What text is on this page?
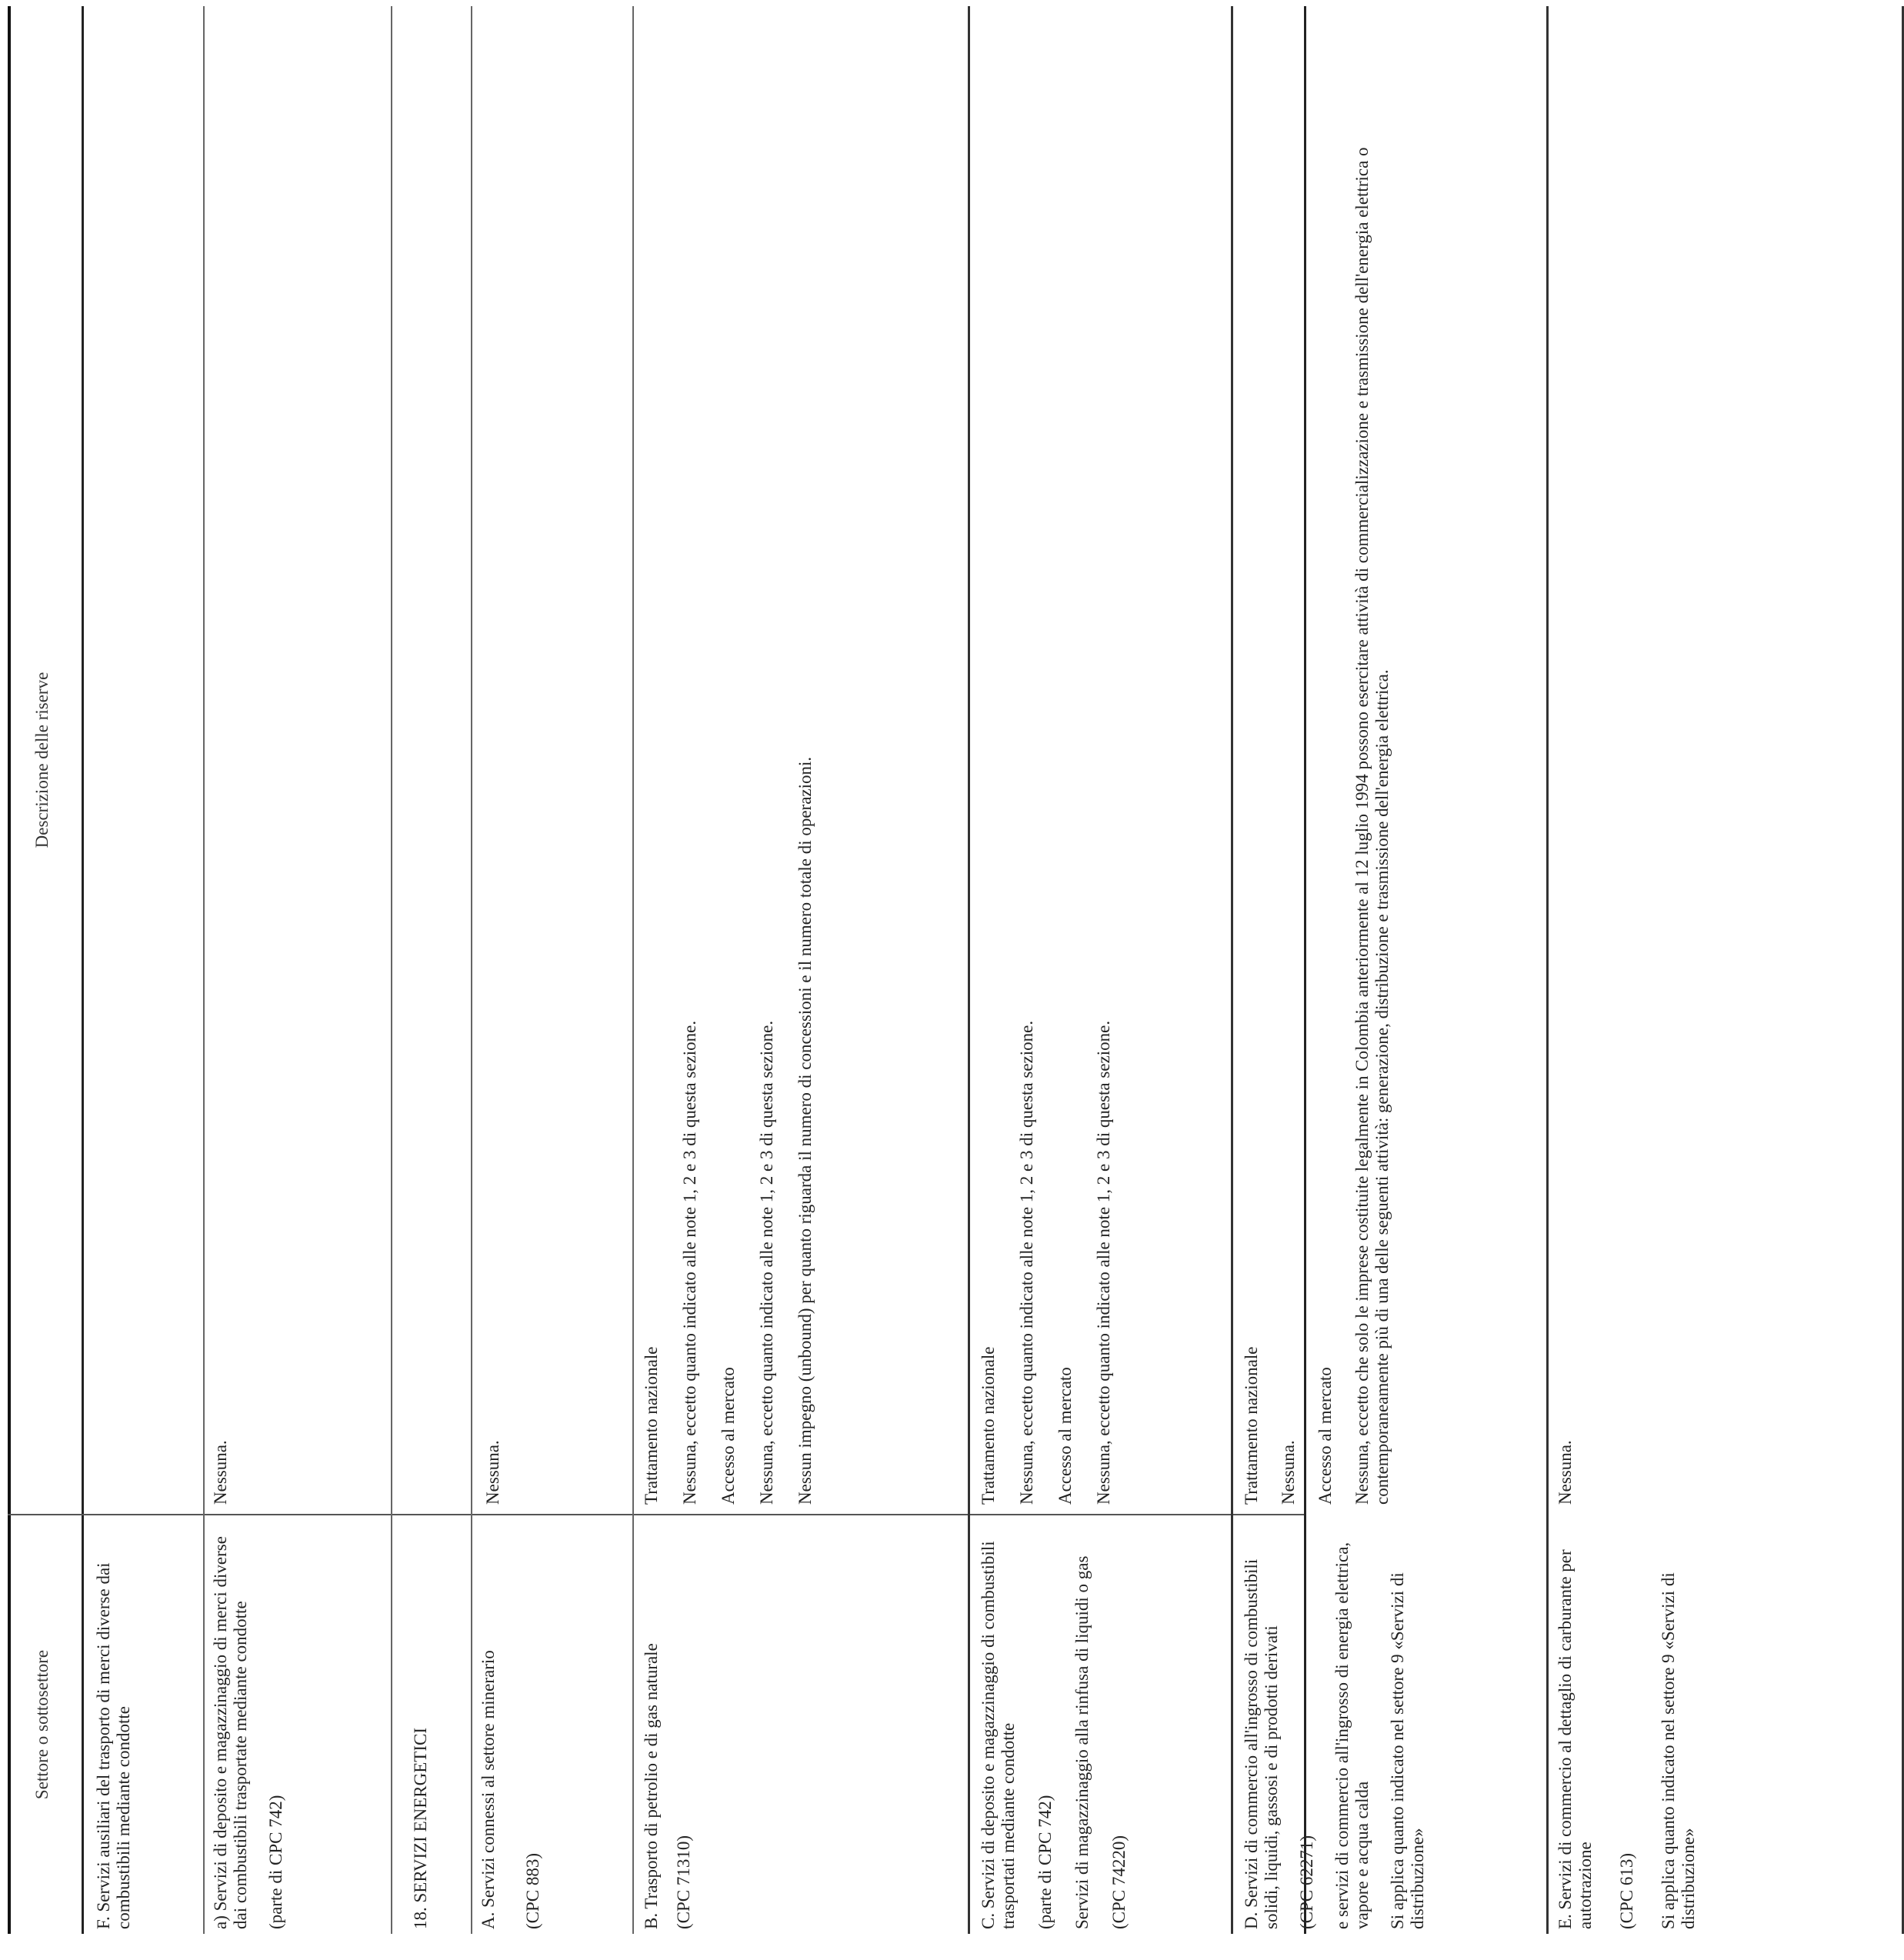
Settore o sottosettore
Descrizione delle riserve

F. Servizi ausiliari del trasporto di merci diverse dai combustibili mediante condotte	a) Servizi di deposito e magazzinaggio di merci diverse dai combustibili trasportate mediante condotte (parte di CPC 742)

Nessuna.

18. SERVIZI ENERGETICI	A. Servizi connessi al settore minerario (CPC 883)

Nessuna.

B. Trasporto di petrolio e di gas naturale (CPC 71310)

Trattamento nazionale Nessuna, eccetto quanto indicato alle note 1, 2 e 3 di questa sezione. Accesso al mercato Nessuna, eccetto quanto indicato alle note 1, 2 e 3 di questa sezione. Nessun impegno (unbound) per quanto riguarda il numero di concessioni e il numero totale di operazioni.

C. Servizi di deposito e magazzinaggio di combustibili trasportati mediante condotte (parte di CPC 742) Servizi di magazzinaggio alla rinfusa di liquidi o gas (CPC 74220)

Trattamento nazionale Nessuna, eccetto quanto indicato alle note 1, 2 e 3 di questa sezione. Accesso al mercato Nessuna, eccetto quanto indicato alle note 1, 2 e 3 di questa sezione.

D. Servizi di commercio all'ingrosso di combustibili solidi, liquidi, gassosi e di prodotti derivati (CPC 62271) e servizi di commercio all'ingrosso di energia elettrica, vapore e acqua calda Si applica quanto indicato nel settore 9 «Servizi di distribuzione»

Trattamento nazionale Nessuna. Accesso al mercato Nessuna, eccetto che solo le imprese costituite legalmente in Colombia anteriormente al 12 luglio 1994 possono esercitare attività di commercializzazione e trasmissione dell'energia elettrica o contemporaneamente più di una delle seguenti attività: generazione, distribuzione e trasmissione dell'energia elettrica.

E. Servizi di commercio al dettaglio di carburante per autotrazione (CPC 613) Si applica quanto indicato nel settore 9 «Servizi di distribuzione»

Nessuna.
